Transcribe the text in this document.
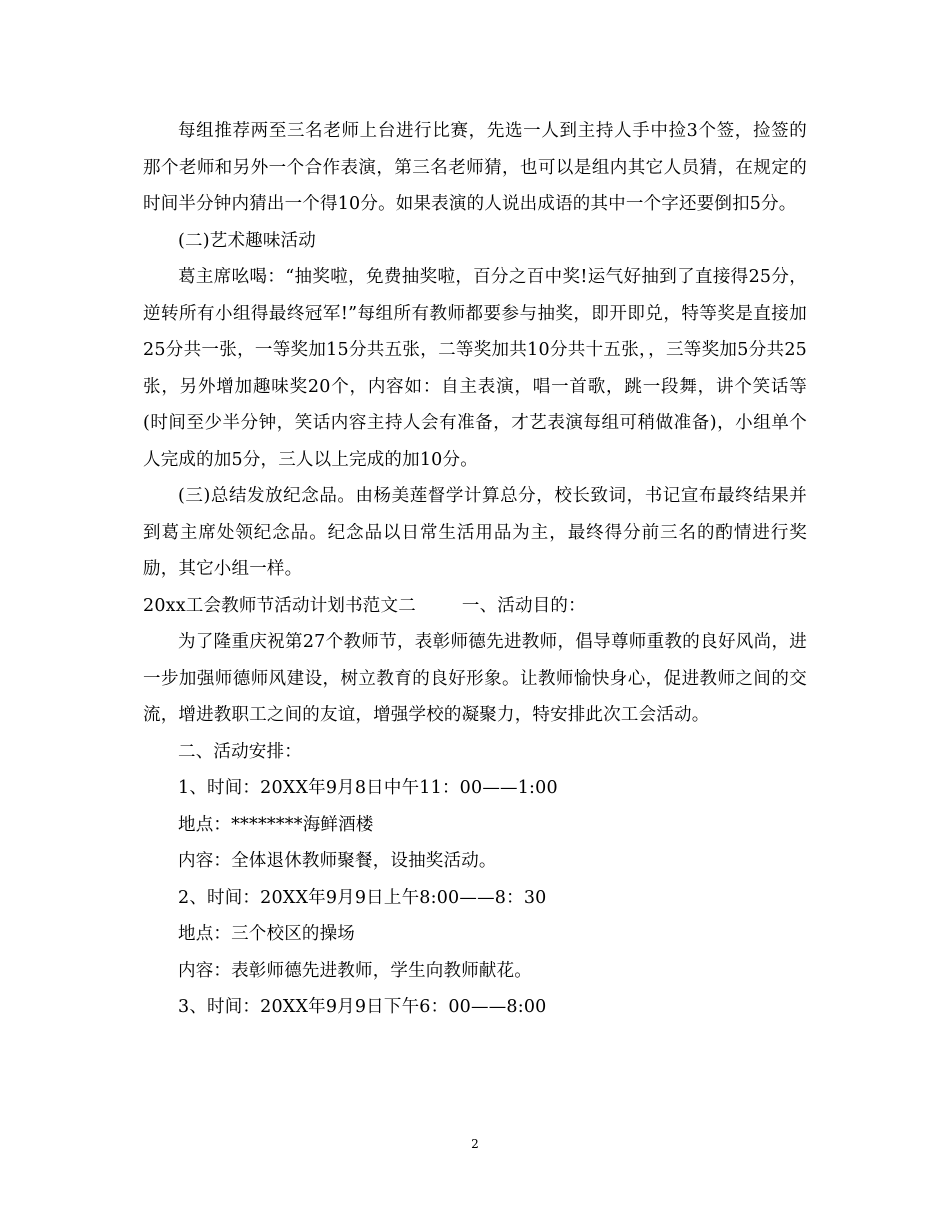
每组推荐两至三名老师上台进行比赛，先选一人到主持人手中捡3个签，捡签的那个老师和另外一个合作表演，第三名老师猜，也可以是组内其它人员猜，在规定的时间半分钟内猜出一个得10分。如果表演的人说出成语的其中一个字还要倒扣5分。

(二)艺术趣味活动

葛主席吆喝：“抽奖啦，免费抽奖啦，百分之百中奖!运气好抽到了直接得25分，逆转所有小组得最终冠军!”每组所有教师都要参与抽奖，即开即兑，特等奖是直接加25分共一张，一等奖加15分共五张，二等奖加共10分共十五张，，三等奖加5分共25张，另外增加趣味奖20个，内容如：自主表演，唱一首歌，跳一段舞，讲个笑话等(时间至少半分钟，笑话内容主持人会有准备，才艺表演每组可稍做准备)，小组单个人完成的加5分，三人以上完成的加10分。

(三)总结发放纪念品。由杨美莲督学计算总分，校长致词，书记宣布最终结果并到葛主席处领纪念品。纪念品以日常生活用品为主，最终得分前三名的酌情进行奖励，其它小组一样。

20xx工会教师节活动计划书范文二	一、活动目的：

为了隆重庆祝第27个教师节，表彰师德先进教师，倡导尊师重教的良好风尚，进一步加强师德师风建设，树立教育的良好形象。让教师愉快身心，促进教师之间的交流，增进教职工之间的友谊，增强学校的凝聚力，特安排此次工会活动。

二、活动安排：

1、时间：20XX年9月8日中午11：00——1:00

地点：********海鲜酒楼

内容：全体退休教师聚餐，设抽奖活动。

2、时间：20XX年9月9日上午8:00——8：30

地点：三个校区的操场

内容：表彰师德先进教师，学生向教师献花。

3、时间：20XX年9月9日下午6：00——8:00

2
